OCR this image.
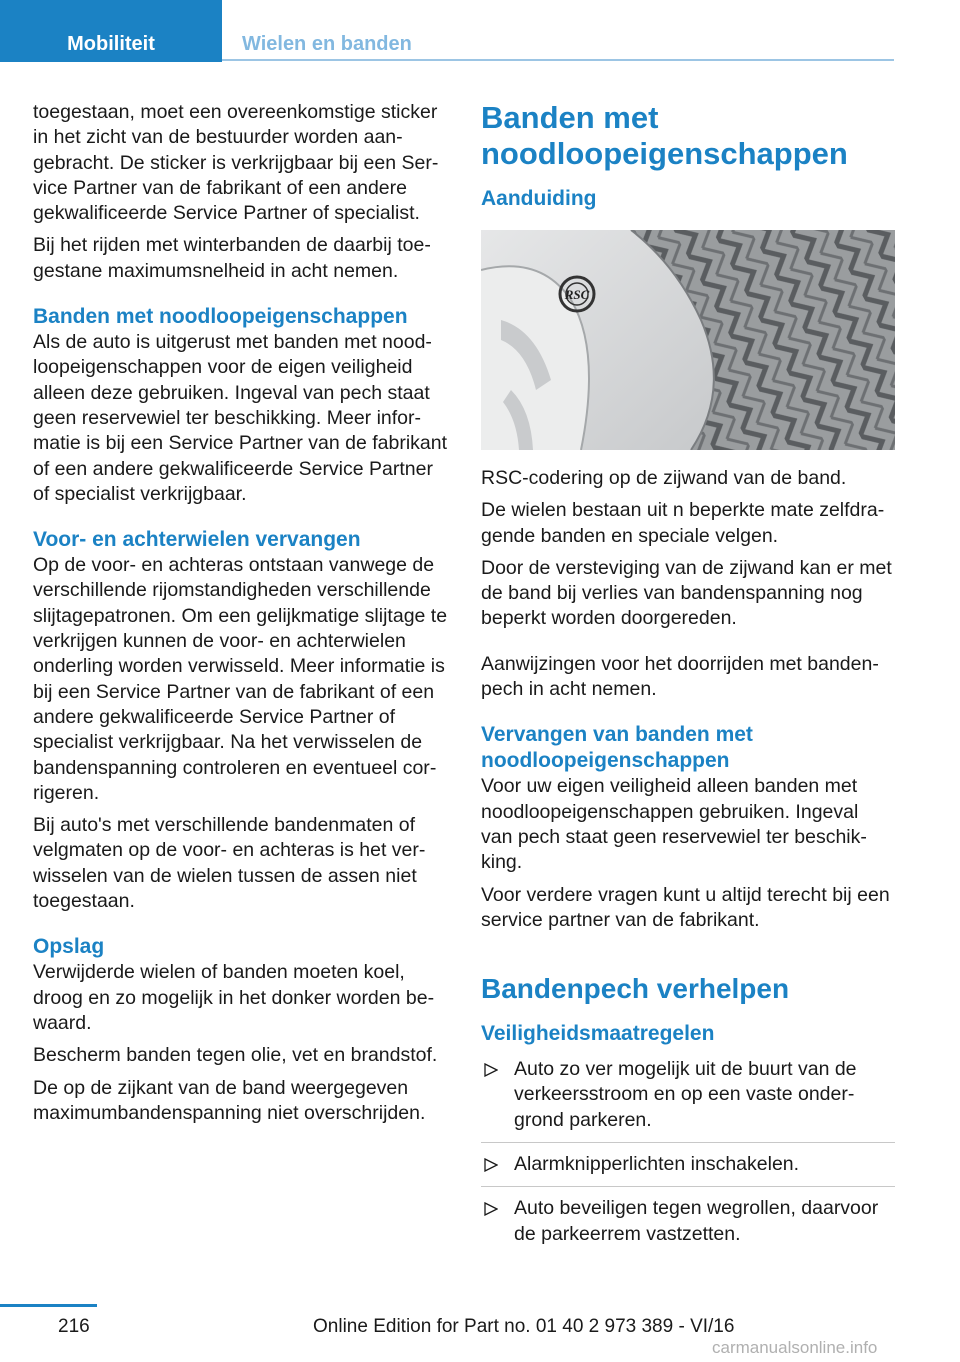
Mobiliteit	Wielen en banden

toegestaan, moet een overeenkomstige sticker in het zicht van de bestuurder worden aangebracht. De sticker is verkrijgbaar bij een Service Partner van de fabrikant of een andere gekwalificeerde Service Partner of specialist.

Bij het rijden met winterbanden de daarbij toegestane maximumsnelheid in acht nemen.

Banden met noodloopeigenschappen

Als de auto is uitgerust met banden met noodloopeigenschappen voor de eigen veiligheid alleen deze gebruiken. Ingeval van pech staat geen reservewiel ter beschikking. Meer informatie is bij een Service Partner van de fabrikant of een andere gekwalificeerde Service Partner of specialist verkrijgbaar.

Voor- en achterwielen vervangen

Op de voor- en achteras ontstaan vanwege de verschillende rijomstandigheden verschillende slijtagepatronen. Om een gelijkmatige slijtage te verkrijgen kunnen de voor- en achterwielen onderling worden verwisseld. Meer informatie is bij een Service Partner van de fabrikant of een andere gekwalificeerde Service Partner of specialist verkrijgbaar. Na het verwisselen de bandenspanning controleren en eventueel corrigeren.

Bij auto's met verschillende bandenmaten of velgmaten op de voor- en achteras is het verwisselen van de wielen tussen de assen niet toegestaan.

Opslag

Verwijderde wielen of banden moeten koel, droog en zo mogelijk in het donker worden bewaard.

Bescherm banden tegen olie, vet en brandstof.

De op de zijkant van de band weergegeven maximumbandenspanning niet overschrijden.

Banden met noodloopeigenschappen
Aanduiding
RSC

RSC-codering op de zijwand van de band.

De wielen bestaan uit n beperkte mate zelfdragende banden en speciale velgen.

Door de versteviging van de zijwand kan er met de band bij verlies van bandenspanning nog beperkt worden doorgereden.

Aanwijzingen voor het doorrijden met bandenpech in acht nemen.

Vervangen van banden met noodloopeigenschappen

Voor uw eigen veiligheid alleen banden met noodloopeigenschappen gebruiken. Ingeval van pech staat geen reservewiel ter beschikking.

Voor verdere vragen kunt u altijd terecht bij een service partner van de fabrikant.

Bandenpech verhelpen
Veiligheidsmaatregelen
Auto zo ver mogelijk uit de buurt van de verkeersstroom en op een vaste ondergrond parkeren.
Alarmknipperlichten inschakelen.
Auto beveiligen tegen wegrollen, daarvoor de parkeerrem vastzetten.
216	Online Edition for Part no. 01 40 2 973 389 - VI/16
carmanualsonline.info
